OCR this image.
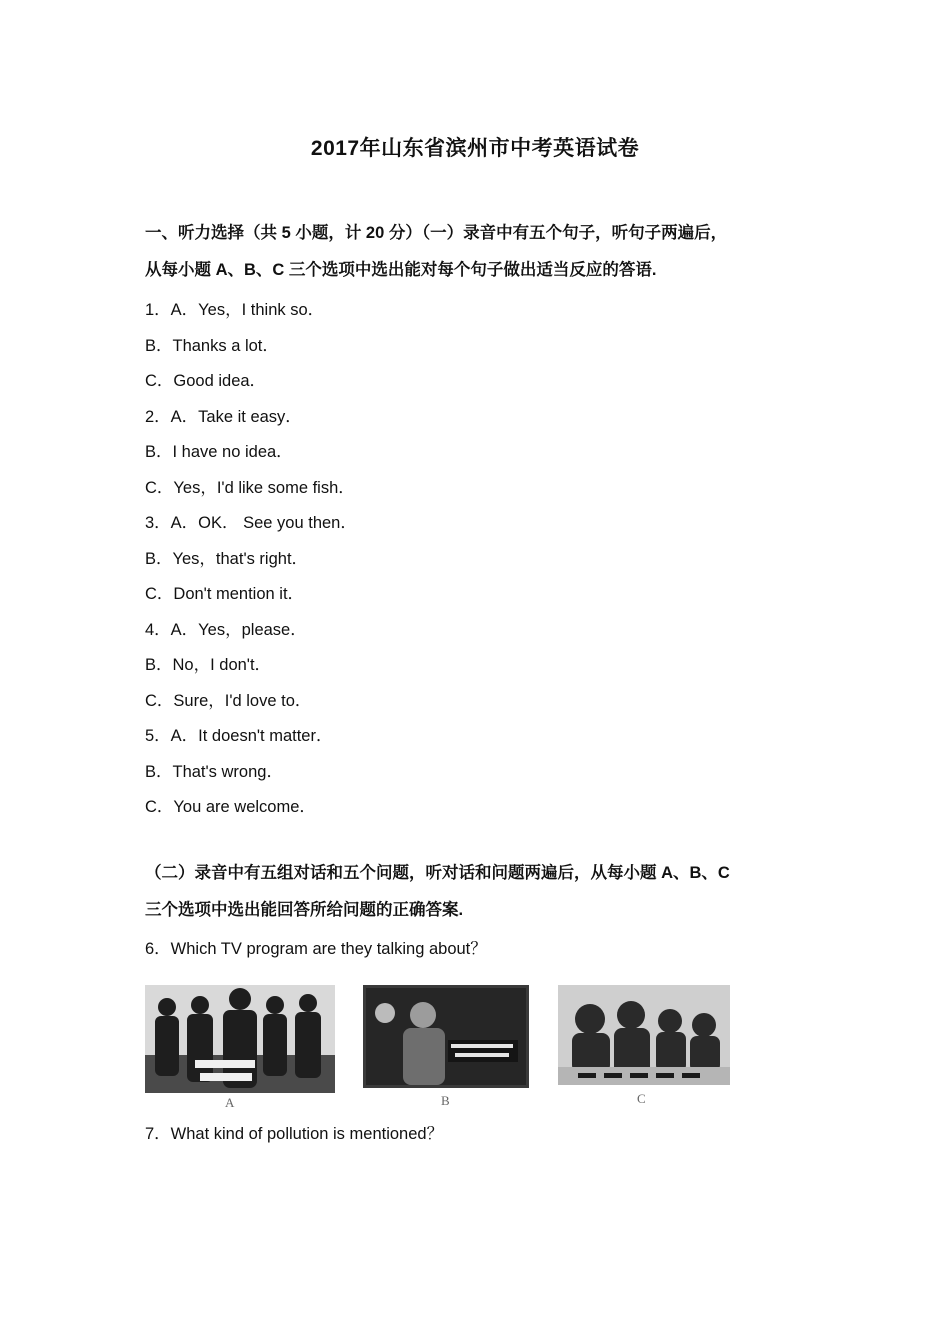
2017年山东省滨州市中考英语试卷
一、听力选择（共 5 小题，计 20 分）（一）录音中有五个句子，听句子两遍后，
从每小题 A、B、C 三个选项中选出能对每个句子做出适当反应的答语.
1．A．Yes，I think so．
B．Thanks a lot．
C．Good idea．
2．A．Take it easy．
B．I have no idea．
C．Yes，I'd like some fish．
3．A．OK． See you then．
B．Yes，that's right．
C．Don't mention it．
4．A．Yes，please．
B．No，I don't．
C．Sure，I'd love to．
5．A．It doesn't matter．
B．That's wrong．
C．You are welcome．
（二）录音中有五组对话和五个问题，听对话和问题两遍后，从每小题 A、B、C
三个选项中选出能回答所给问题的正确答案.
6．Which TV program are they talking about？
A	B	C
7．What kind of pollution is mentioned？
